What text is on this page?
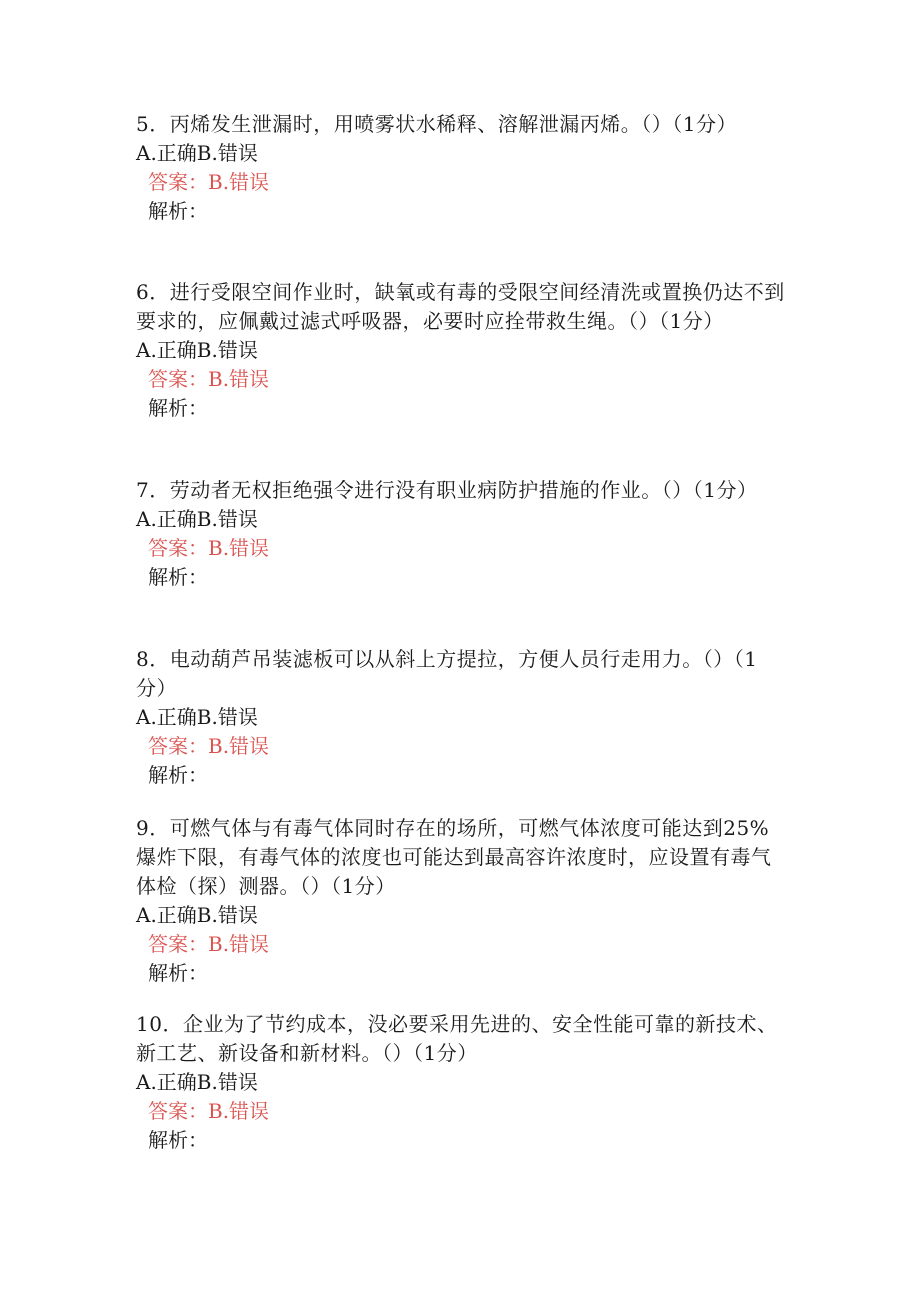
5．丙烯发生泄漏时，用喷雾状水稀释、溶解泄漏丙烯。（）（1分）

A.正确B.错误

答案：B.错误

解析：

6．进行受限空间作业时，缺氧或有毒的受限空间经清洗或置换仍达不到要求的，应佩戴过滤式呼吸器，必要时应拴带救生绳。（）（1分）

A.正确B.错误

答案：B.错误

解析：

7．劳动者无权拒绝强令进行没有职业病防护措施的作业。（）（1分）

A.正确B.错误

答案：B.错误

解析：

8．电动葫芦吊装滤板可以从斜上方提拉，方便人员行走用力。（）（1分）

A.正确B.错误

答案：B.错误

解析：

9．可燃气体与有毒气体同时存在的场所，可燃气体浓度可能达到25%爆炸下限，有毒气体的浓度也可能达到最高容许浓度时，应设置有毒气体检（探）测器。（）（1分）

A.正确B.错误

答案：B.错误

解析：

10．企业为了节约成本，没必要采用先进的、安全性能可靠的新技术、新工艺、新设备和新材料。（）（1分）

A.正确B.错误

答案：B.错误

解析：
